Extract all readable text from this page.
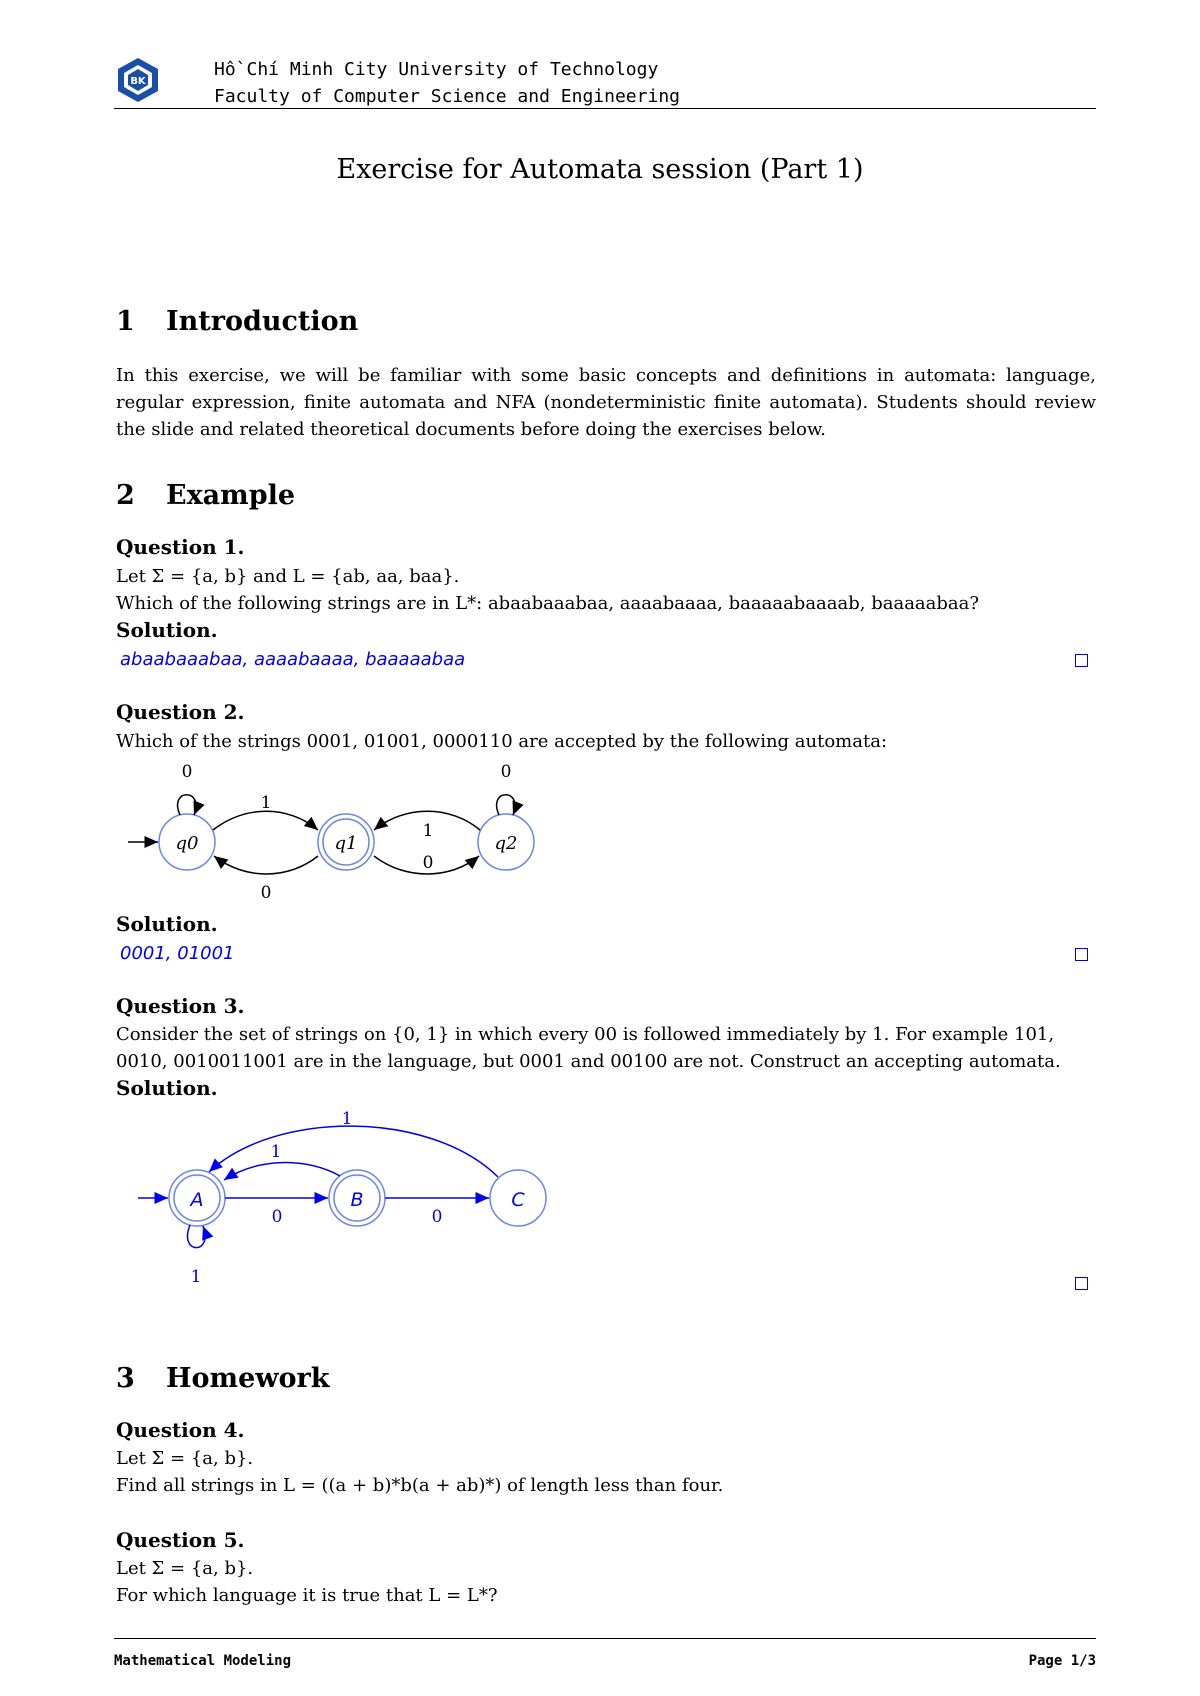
BK
Hồ Chí Minh City University of Technology
Faculty of Computer Science and Engineering
Exercise for Automata session (Part 1)
1 Introduction
In this exercise, we will be familiar with some basic concepts and definitions in automata: language, regular expression, finite automata and NFA (nondeterministic finite automata). Students should review the slide and related theoretical documents before doing the exercises below.
2 Example
Question 1.
Let Σ = {a, b} and L = {ab, aa, baa}.
Which of the following strings are in L*: abaabaaabaa, aaaabaaaa, baaaaabaaaab, baaaaabaa?
Solution.
abaabaaabaa, aaaabaaaa, baaaaabaa
Question 2.
Which of the strings 0001, 01001, 0000110 are accepted by the following automata:
q0	q1	q2
0	0
1
0
1
0
A	B	C
0	0
1
1
1
Solution.
0001, 01001
Question 3.
Consider the set of strings on {0, 1} in which every 00 is followed immediately by 1. For example 101,
0010, 0010011001 are in the language, but 0001 and 00100 are not. Construct an accepting automata.
Solution.
3 Homework
Question 4.
Let Σ = {a, b}.
Find all strings in L = ((a + b)*b(a + ab)*) of length less than four.
Question 5.
Let Σ = {a, b}.
For which language it is true that L = L*?
Mathematical Modeling	Page 1/3
